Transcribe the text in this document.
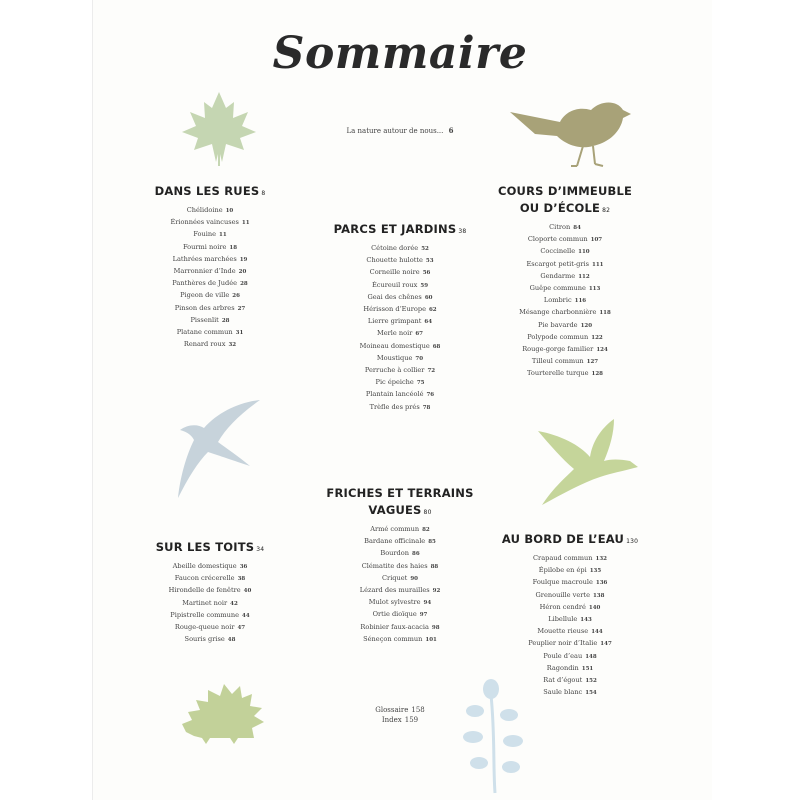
Sommaire
La nature autour de nous... 6
DANS LES RUES 8
Chélidoine 10
Érionnées vaincuses 11
Fouine 11
Fourmi noire 18
Lathrées marchées 19
Marronnier d’Inde 20
Panthères de Judée 28
Pigeon de ville 26
Pinson des arbres 27
Pissenlit 28
Platane commun 31
Renard roux 32
PARCS ET JARDINS 38
Cétoine dorée 52
Chouette hulotte 53
Corneille noire 56
Écureuil roux 59
Geai des chênes 60
Hérisson d’Europe 62
Lierre grimpant 64
Merle noir 67
Moineau domestique 68
Moustique 70
Perruche à collier 72
Pic épeiche 75
Plantain lancéolé 76
Trèfle des prés 78
COURS D’IMMEUBLE
OU D’ÉCOLE 82
Citron 84
Cloporte commun 107
Coccinelle 110
Escargot petit-gris 111
Gendarme 112
Guêpe commune 113
Lombric 116
Mésange charbonnière 118
Pie bavarde 120
Polypode commun 122
Rouge-gorge familier 124
Tilleul commun 127
Tourterelle turque 128
SUR LES TOITS 34
Abeille domestique 36
Faucon crécerelle 38
Hirondelle de fenêtre 40
Martinet noir 42
Pipistrelle commune 44
Rouge-queue noir 47
Souris grise 48
FRICHES ET TERRAINS
VAGUES 80
Armé commun 82
Bardane officinale 85
Bourdon 86
Clématite des haies 88
Criquet 90
Lézard des murailles 92
Mulot sylvestre 94
Ortie dioïque 97
Robinier faux-acacia 98
Séneçon commun 101
AU BORD DE L’EAU 130
Crapaud commun 132
Épilobe en épi 135
Foulque macroule 136
Grenouille verte 138
Héron cendré 140
Libellule 143
Mouette rieuse 144
Peuplier noir d’Italie 147
Poule d’eau 148
Ragondin 151
Rat d’égout 152
Saule blanc 154
Glossaire 158
Index 159
